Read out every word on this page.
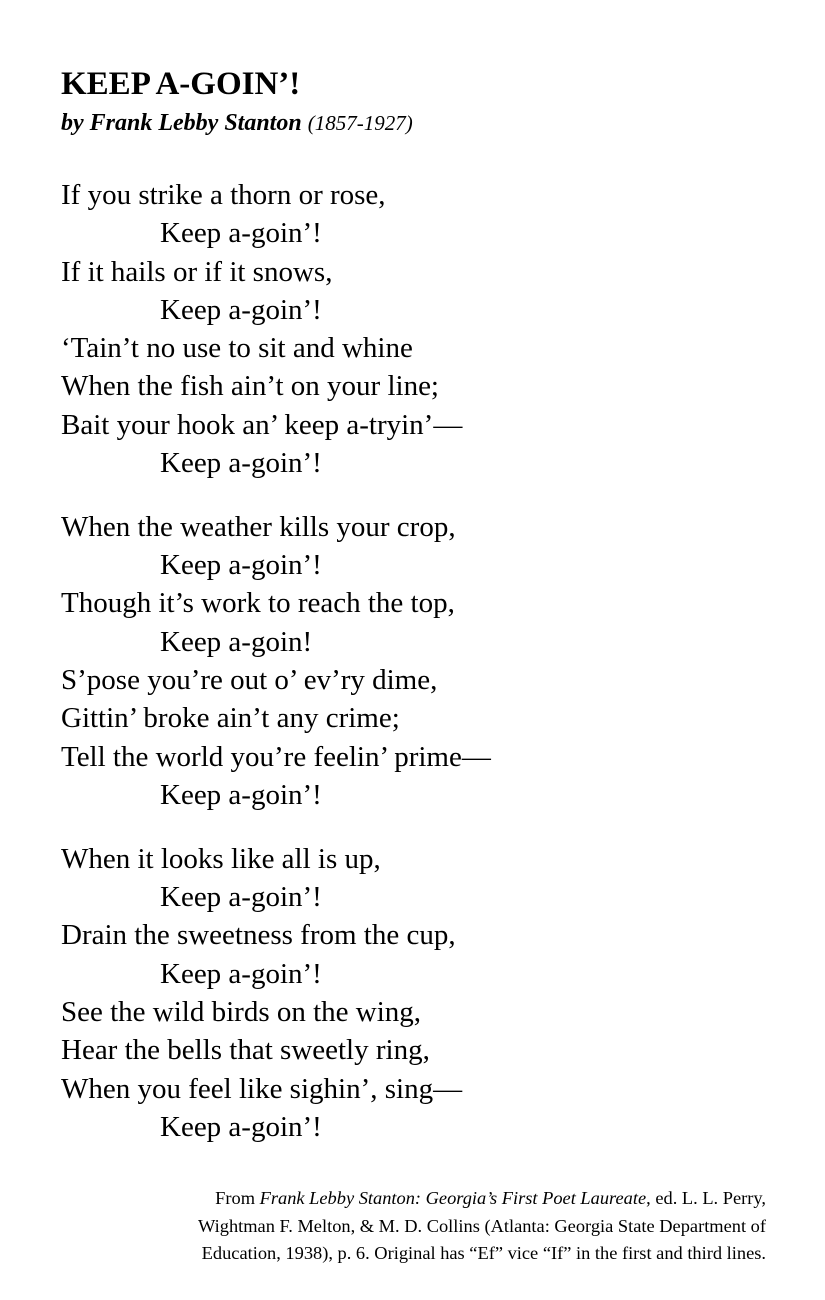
KEEP A-GOIN’!

by Frank Lebby Stanton (1857-1927)

If you strike a thorn or rose,
Keep a-goin’!
If it hails or if it snows,
Keep a-goin’!
‘Tain’t no use to sit and whine
When the fish ain’t on your line;
Bait your hook an’ keep a-tryin’—
Keep a-goin’!
When the weather kills your crop,
Keep a-goin’!
Though it’s work to reach the top,
Keep a-goin!
S’pose you’re out o’ ev’ry dime,
Gittin’ broke ain’t any crime;
Tell the world you’re feelin’ prime—
Keep a-goin’!
When it looks like all is up,
Keep a-goin’!
Drain the sweetness from the cup,
Keep a-goin’!
See the wild birds on the wing,
Hear the bells that sweetly ring,
When you feel like sighin’, sing—
Keep a-goin’!

From Frank Lebby Stanton: Georgia’s First Poet Laureate, ed. L. L. Perry,
Wightman F. Melton, & M. D. Collins (Atlanta: Georgia State Department of
Education, 1938), p. 6. Original has “Ef” vice “If” in the first and third lines.
